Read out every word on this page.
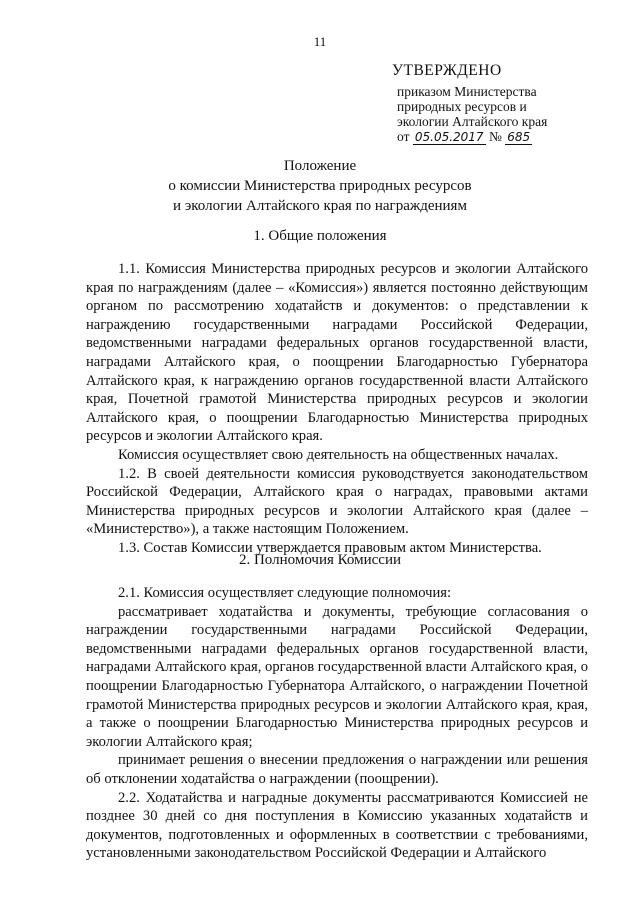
11
УТВЕРЖДЕНО
приказом Министерства
природных ресурсов и
экологии Алтайского края
от 05.05.2017 № 685
Положение
о комиссии Министерства природных ресурсов
и экологии Алтайского края по награждениям
1. Общие положения

1.1. Комиссия Министерства природных ресурсов и экологии Алтайского края по награждениям (далее – «Комиссия») является постоянно действующим органом по рассмотрению ходатайств и документов: о представлении к награждению государственными наградами Российской Федерации, ведомственными наградами федеральных органов государственной власти, наградами Алтайского края, о поощрении Благодарностью Губернатора Алтайского края, к награждению органов государственной власти Алтайского края, Почетной грамотой Министерства природных ресурсов и экологии Алтайского края, о поощрении Благодарностью Министерства природных ресурсов и экологии Алтайского края.

Комиссия осуществляет свою деятельность на общественных началах.

1.2. В своей деятельности комиссия руководствуется законодательством Российской Федерации, Алтайского края о наградах, правовыми актами Министерства природных ресурсов и экологии Алтайского края (далее – «Министерство»), а также настоящим Положением.

1.3. Состав Комиссии утверждается правовым актом Министерства.

2. Полномочия Комиссии

2.1. Комиссия осуществляет следующие полномочия:

рассматривает ходатайства и документы, требующие согласования о награждении государственными наградами Российской Федерации, ведомственными наградами федеральных органов государственной власти, наградами Алтайского края, органов государственной власти Алтайского края, о поощрении Благодарностью Губернатора Алтайского, о награждении Почетной грамотой Министерства природных ресурсов и экологии Алтайского края, края, а также о поощрении Благодарностью Министерства природных ресурсов и экологии Алтайского края;

принимает решения о внесении предложения о награждении или решения об отклонении ходатайства о награждении (поощрении).

2.2. Ходатайства и наградные документы рассматриваются Комиссией не позднее 30 дней со дня поступления в Комиссию указанных ходатайств и документов, подготовленных и оформленных в соответствии с требованиями, установленными законодательством Российской Федерации и Алтайского
